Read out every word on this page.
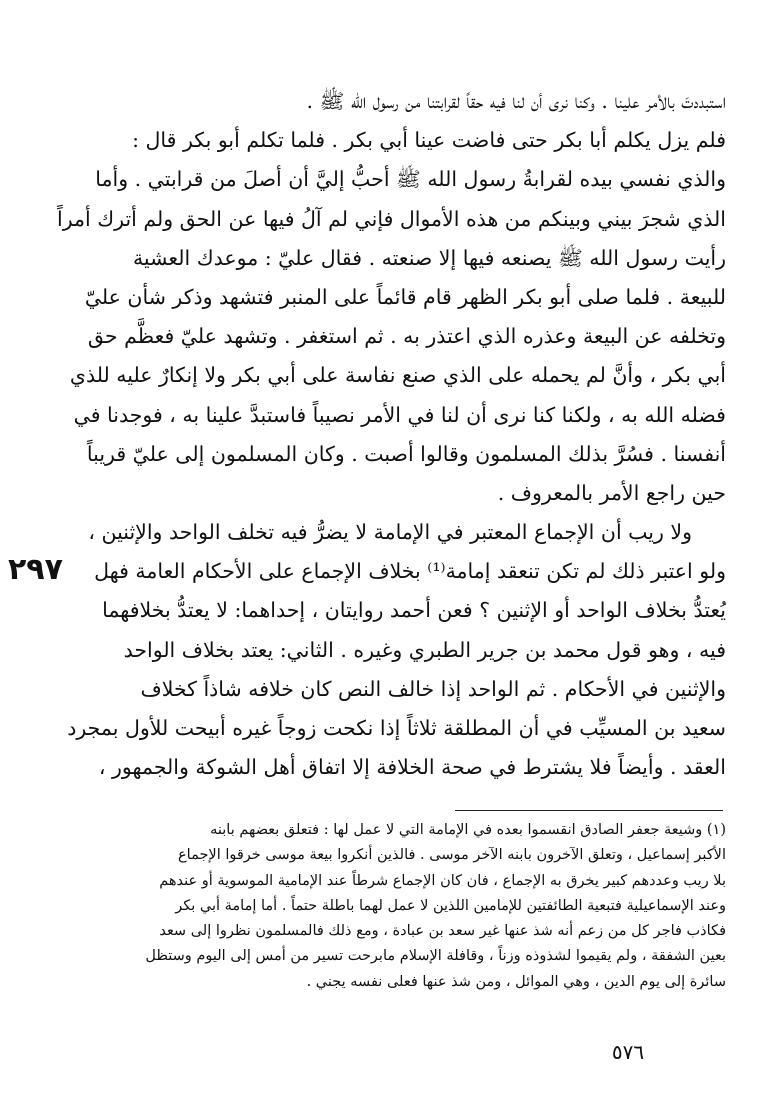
استبددتَ بالأمر علينا . وكنا نرى أن لنا فيه حقاً لقرابتنا من رسول الله ﷺ .
فلم يزل يكلم أبا بكر حتى فاضت عينا أبي بكر . فلما تكلم أبو بكر قال :
والذي نفسي بيده لقرابةُ رسول الله ﷺ أحبُّ إليَّ أن أصلَ من قرابتي . وأما
الذي شجرَ بيني وبينكم من هذه الأموال فإني لم آلُ فيها عن الحق ولم أترك أمراً
رأيت رسول الله ﷺ يصنعه فيها إلا صنعته . فقال عليّ : موعدك العشية
للبيعة . فلما صلى أبو بكر الظهر قام قائماً على المنبر فتشهد وذكر شأن عليّ
وتخلفه عن البيعة وعذره الذي اعتذر به . ثم استغفر . وتشهد عليّ فعظَّم حق
أبي بكر ، وأنَّ لم يحمله على الذي صنع نفاسة على أبي بكر ولا إنكارٌ عليه للذي
فضله الله به ، ولكنا كنا نرى أن لنا في الأمر نصيباً فاستبدَّ علينا به ، فوجدنا في
أنفسنا . فسُرَّ بذلك المسلمون وقالوا أصبت . وكان المسلمون إلى عليّ قريباً
حين راجع الأمر بالمعروف .
ولا ريب أن الإجماع المعتبر في الإمامة لا يضرُّ فيه تخلف الواحد والإثنين ،
ولو اعتبر ذلك لم تكن تنعقد إمامة⁽¹⁾ بخلاف الإجماع على الأحكام العامة فهل
يُعتدُّ بخلاف الواحد أو الإثنين ؟ فعن أحمد روايتان ، إحداهما: لا يعتدُّ بخلافهما
فيه ، وهو قول محمد بن جرير الطبري وغيره . الثاني: يعتد بخلاف الواحد
والإثنين في الأحكام . ثم الواحد إذا خالف النص كان خلافه شاذاً كخلاف
سعيد بن المسيِّب في أن المطلقة ثلاثاً إذا نكحت زوجاً غيره أبيحت للأول بمجرد
العقد . وأيضاً فلا يشترط في صحة الخلافة إلا اتفاق أهل الشوكة والجمهور ،
٢٩٧
(١) وشيعة جعفر الصادق انقسموا بعده في الإمامة التي لا عمل لها : فتعلق بعضهم بابنه
الأكبر إسماعيل ، وتعلق الآخرون بابنه الآخر موسى . فالذين أنكروا بيعة موسى خرقوا الإجماع
بلا ريب وعددهم كبير يخرق به الإجماع ، فان كان الإجماع شرطاً عند الإمامية الموسوية أو عندهم
وعند الإسماعيلية فتبعية الطائفتين للإمامين اللذين لا عمل لهما باطلة حتماً . أما إمامة أبي بكر
فكاذب فاجر كل من زعم أنه شذ عنها غير سعد بن عبادة ، ومع ذلك فالمسلمون نظروا إلى سعد
بعين الشفقة ، ولم يقيموا لشذوذه وزناً ، وقافلة الإسلام مابرحت تسير من أمس إلى اليوم وستظل
سائرة إلى يوم الدين ، وهي الموائل ، ومن شذ عنها فعلى نفسه يجني .
٥٧٦
